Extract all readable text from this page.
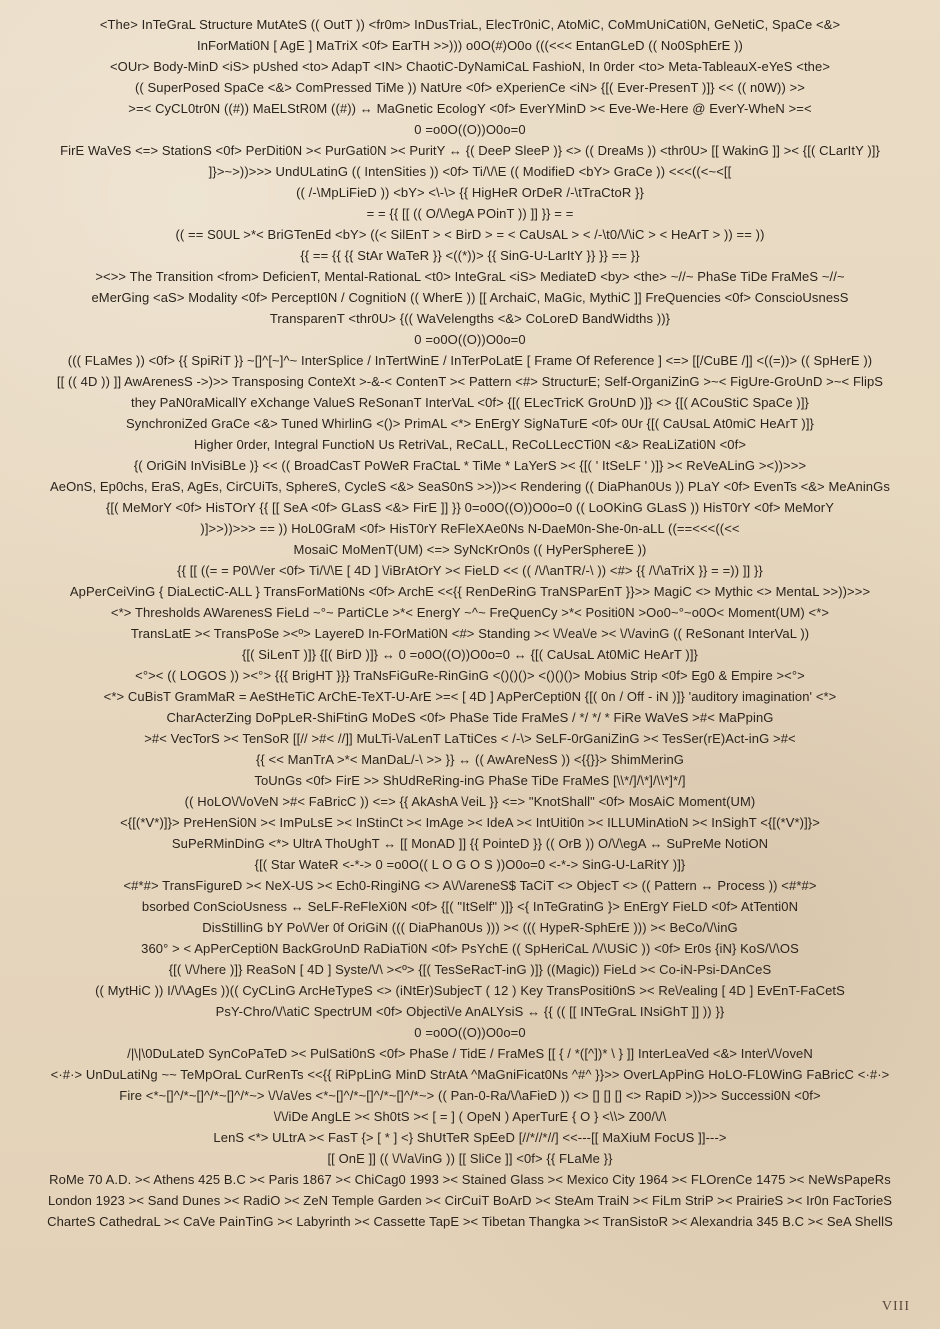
<The> InTeGraL Structure MutAteS (( OutT )) <fr0m> InDusTriaL, ElecTr0niC, AtoMiC, CoMmUniCati0N, GeNetiC, SpaCe <&>

InForMati0N [ AgE ] MaTriX <0f> EarTH >>))) o0O(#)O0o (((<<< EntanGLeD (( No0SphErE ))

<OUr> Body-MinD <iS> pUshed <to> AdapT <IN> ChaotiC-DyNamiCaL FashioN, In 0rder <to> Meta-TableauX-eYeS <the>

(( SuperPosed SpaCe <&> ComPressed TiMe )) NatUre <0f> eXperienCe <iN> {[( Ever-PresenT )]} << (( n0W)) >>

>=< CyCL0tr0N ((#)) MaELStR0M ((#)) ↔ MaGnetic EcologY <0f> EverYMinD >< Eve-We-Here @ EverY-WheN >=<

0 =o0O((O))O0o=0

FirE WaVeS <=> StationS <0f> PerDiti0N >< PurGati0N >< PuritY ↔ {( DeeP SleeP )} <> (( DreaMs )) <thr0U> [[ WakinG ]] >< {[( CLarItY )]}

]}>~>))>>> UndULatinG (( IntenSities )) <0f> Ti/\/\E (( ModifieD <bY> GraCe )) <<<((<~<[[

(( /-\MpLiFieD )) <bY> <\-\> {{ HigHeR OrDeR /-\tTraCtoR }}

= = {{ [[ (( O/\/\egA POinT )) ]] }} = =

(( == S0UL >*< BriGTenEd <bY> ((< SilEnT > < BirD > = < CaUsAL > < /-\t0/\/\iC > < HeArT > )) == ))

{{ == {{ {{ StAr WaTeR }} <((*))> {{ SinG-U-LarItY }} }} == }}

><>> The Transition <from> DeficienT, Mental-RationaL <t0> InteGraL <iS> MediateD <by> <the> ~//~ PhaSe TiDe FraMeS ~//~

eMerGing <aS> Modality <0f> PerceptI0N / CognitioN (( WherE )) [[ ArchaiC, MaGic, MythiC ]] FreQuencies <0f> ConscioUsnesS

TransparenT <thr0U> {(( WaVelengths <&> CoLoreD BandWidths ))}

0 =o0O((O))O0o=0

((( FLaMes )) <0f> {{ SpiRiT }} ~[]^[~]^~ InterSplice / InTertWinE / InTerPoLatE [ Frame Of Reference ] <=> [[/CuBE /]] <((=))> (( SpHerE ))

[[ (( 4D )) ]] AwArenesS ->)>> Transposing ConteXt >-&-< ContenT >< Pattern <#> StructurE; Self-OrganiZinG >~< FigUre-GroUnD >~< FlipS

they PaN0raMicallY eXchange ValueS ReSonanT InterVaL <0f> {[( ELecTricK GroUnD )]} <> {[( ACouStiC SpaCe )]}

SynchroniZed GraCe <&> Tuned WhirlinG <()> PrimAL <*> EnErgY SigNaTurE <0f> 0Ur {[( CaUsaL At0miC HeArT )]}

Higher 0rder, Integral FunctioN Us RetriVaL, ReCaLL, ReCoLLecCTi0N <&> ReaLiZati0N <0f>

{( OriGiN InVisiBLe )} << (( BroadCasT PoWeR FraCtaL * TiMe * LaYerS >< {[( ' ItSeLF ' )]} >< ReVeALinG ><))>>>

AeOnS, Ep0chs, EraS, AgEs, CirCUiTs, SphereS, CycleS <&> SeaS0nS >>))>< Rendering (( DiaPhan0Us )) PLaY <0f> EvenTs <&> MeAninGs

{[( MeMorY <0f> HisTOrY {{ [[ SeA <0f> GLasS <&> FirE ]] }} 0=o0O((O))O0o=0 (( LoOKinG GLasS )) HisT0rY <0f> MeMorY

)]>>))>>> == )) HoL0GraM <0f> HisT0rY ReFleXAe0Ns N-DaeM0n-She-0n-aLL ((==<<<((<<

MosaiC MoMenT(UM) <=> SyNcKrOn0s (( HyPerSphereE ))

{{ [[ ((= = P0\/\/er <0f> Ti/\/\E [ 4D ] \/iBrAtOrY >< FieLD << (( /\/\anTR/-\ )) <#> {{ /\/\aTriX }} = =)) ]] }}

ApPerCeiVinG { DiaLectiC-ALL } TransForMati0Ns <0f> ArchE <<{{ RenDeRinG TraNSParEnT }}>> MagiC <> Mythic <> MentaL >>))>>>

<*> Thresholds AWarenesS FieLd ~°~ PartiCLe >*< EnergY ~^~ FreQuenCy >*< Positi0N >Oo0~°~o0O< Moment(UM) <*>

TransLatE >< TransPoSe ><º> LayereD In-FOrMati0N <#> Standing >< \/\/ea\/e >< \/\/avinG (( ReSonant InterVaL ))

{[( SiLenT )]} {[( BirD )]} ↔ 0 =o0O((O))O0o=0 ↔ {[( CaUsaL At0MiC HeArT )]}

<°>< (( LOGOS )) ><°> {{{ BrigHT }}} TraNsFiGuRe-RinGinG <()()()> <()()()> Mobius Strip <0f> Eg0 & Empire ><°>

<*> CuBisT GramMaR = AeStHeTiC ArChE-TeXT-U-ArE >=< [ 4D ] ApPerCepti0N {[( 0n / Off - iN )]} 'auditory imagination' <*>

CharActerZing DoPpLeR-ShiFtinG MoDeS <0f> PhaSe Tide FraMeS / */ */ * FiRe WaVeS >#< MaPpinG

>#< VecTorS >< TenSoR [[// >#< //]] MuLTi-\/aLenT LaTtiCes < /-\> SeLF-0rGaniZinG >< TesSer(rE)Act-inG >#<

{{ << ManTrA >*< ManDaL/-\ >> }} ↔ (( AwAreNesS )) <{{}}> ShimMerinG

ToUnGs <0f> FirE >> ShUdReRing-inG PhaSe TiDe FraMeS [\\*/]/\*]/\\*]*/]

(( HoLO\/\/oVeN >#< FaBricC )) <=> {{ AkAshA \/eiL }} <=> "KnotShall" <0f> MosAiC Moment(UM)

<{[(*V*)]}> PreHenSi0N >< ImPuLsE >< InStinCt >< ImAge >< IdeA >< IntUiti0n >< ILLUMinAtioN >< InSighT <{[(*V*)]}>

SuPeRMinDinG <*> UltrA ThoUghT ↔ [[ MonAD ]] {{ PointeD }} (( OrB )) O/\/\egA ↔ SuPreMe NotiON

{[( Star WateR <-*-> 0 =o0O(( L O G O S ))O0o=0 <-*-> SinG-U-LaRitY )]}

<#*#> TransFigureD >< NeX-US >< Ech0-RingiNG <> A\/\/areneS$ TaCiT <> ObjecT <> (( Pattern ↔ Process )) <#*#>

bsorbed ConScioUsness ↔ SeLF-ReFleXi0N <0f> {[( "ItSelf" )]} <{ InTeGratinG }> EnErgY FieLD <0f> AtTenti0N

DisStillinG bY Po\/\/er 0f OriGiN ((( DiaPhan0Us ))) >< ((( HypeR-SphErE ))) >< BeCo/\/\inG

360° > < ApPerCepti0N BackGroUnD RaDiaTi0N <0f> PsYchE (( SpHeriCaL /\/\USiC )) <0f> Er0s {iN} KoS/\/\OS

{[( \/\/here )]} ReaSoN [ 4D ] Syste/\/\ ><º> {[( TesSeRacT-inG )]} ((Magic)) FieLd >< Co-iN-Psi-DAnCeS

(( MytHiC )) I/\/\AgEs ))(( CyCLinG ArcHeTypeS <> (iNtEr)SubjecT ( 12 ) Key TransPositi0nS >< Re\/ealing [ 4D ] EvEnT-FaCetS

PsY-Chro/\/\atiC SpectrUM <0f> Objecti\/e AnALYsiS ↔ {{ (( [[ INTeGraL INsiGhT ]] )) }}

0 =o0O((O))O0o=0

/|\|\0DuLateD SynCoPaTeD >< PulSati0nS <0f> PhaSe / TidE / FraMeS [[ { / *([^])* \ } ]] InterLeaVed <&> Inter\/\/oveN

<·#·> UnDuLatiNg ~~ TeMpOraL CurRenTs <<{{ RiPpLinG MinD StrAtA ^MaGniFicat0Ns ^#^ }}>> OverLApPinG HoLO-FL0WinG FaBricC <·#·>

Fire <*~[]^/*~[]^/*~[]^/*~> \/\/a\/es <*~[]^/*~[]^/*~[]^/*~> (( Pan-0-Ra/\/\aFieD )) <> [] [] [] <> RapiD >))>> Successi0N <0f>

\/\/iDe AngLE >< Sh0tS >< [ = ] ( OpeN ) AperTurE { O } <\\> Z00/\/\

LenS <*> ULtrA >< FasT {> [ * ] <} ShUtTeR SpEeD [//*//*//] <<---[[ MaXiuM FocUS ]]--->

[[ OnE ]] (( \/\/a\/inG )) [[ SliCe ]] <0f> {{ FLaMe }}

RoMe 70 A.D. >< Athens 425 B.C >< Paris 1867 >< ChiCag0 1993 >< Stained Glass >< Mexico City 1964 >< FLOrenCe 1475 >< NeWsPapeRs

London 1923 >< Sand Dunes >< RadiO >< ZeN Temple Garden >< CirCuiT BoArD >< SteAm TraiN >< FiLm StriP >< PrairieS >< Ir0n FacTorieS

CharteS CathedraL >< CaVe PainTinG >< Labyrinth >< Cassette TapE >< Tibetan Thangka >< TranSistoR >< Alexandria 345 B.C >< SeA ShellS

VIII
